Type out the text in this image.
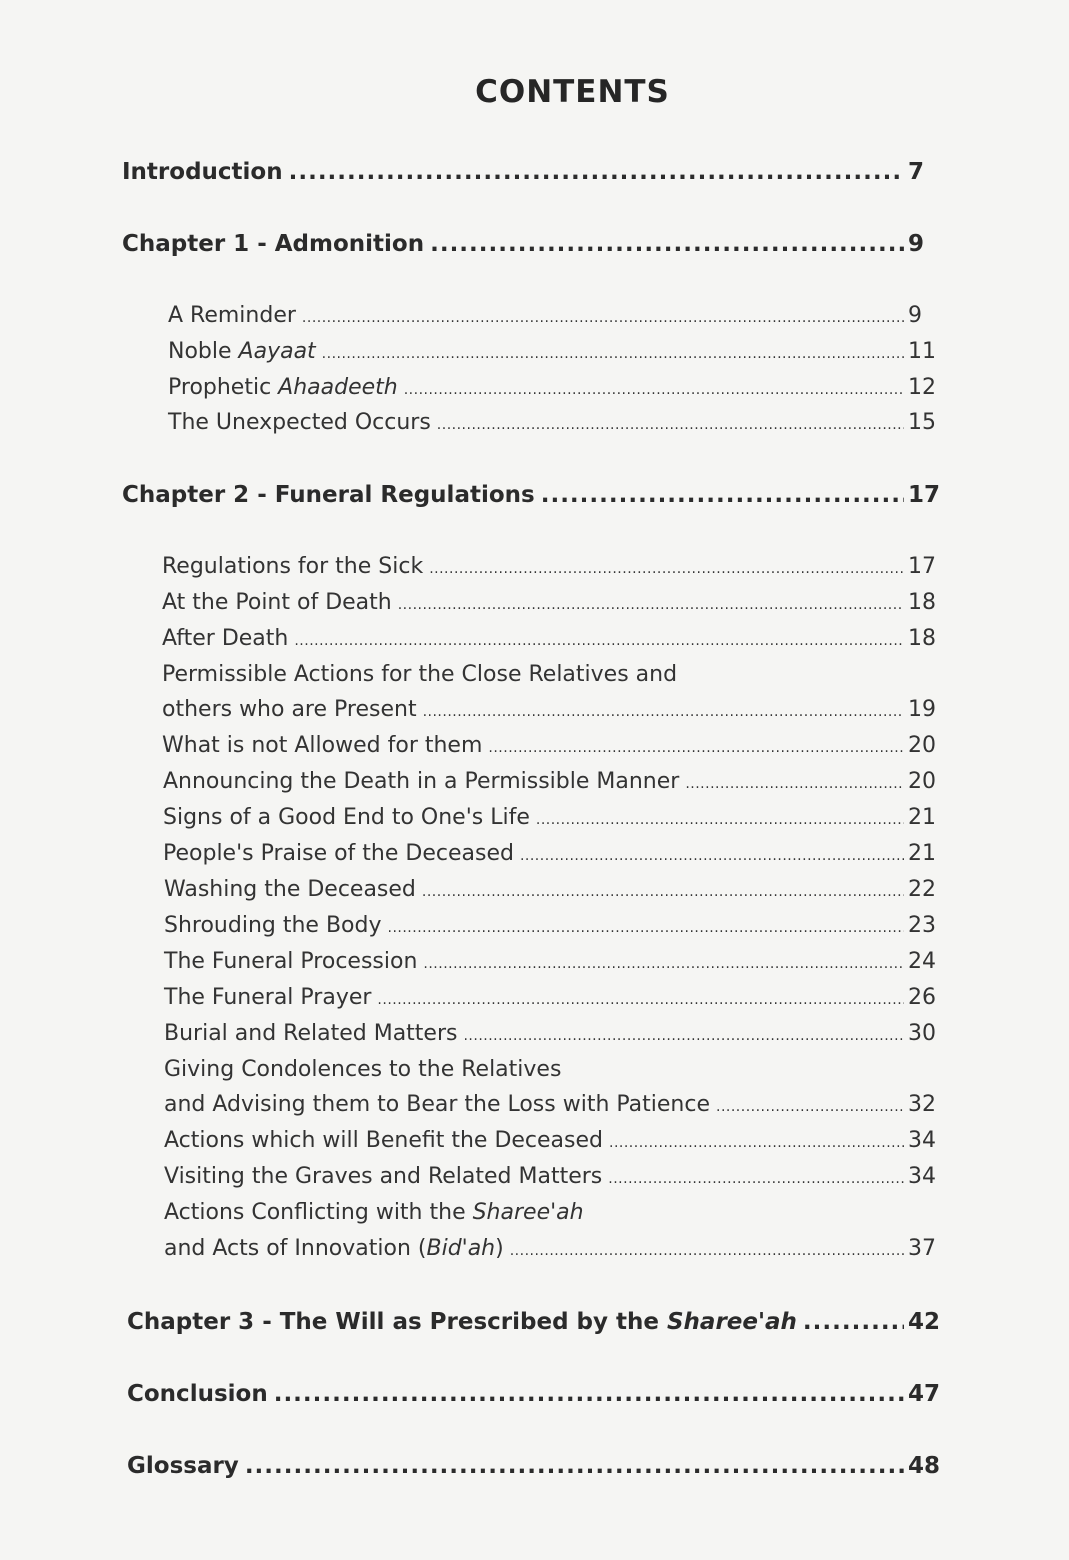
CONTENTS
Introduction .....	7
Chapter 1 - Admonition .....	9
A Reminder .....	9
Noble Aayaat .....	11
Prophetic Ahaadeeth .....	12
The Unexpected Occurs .....	15
Chapter 2 - Funeral Regulations .....	17
Regulations for the Sick .....	17
At the Point of Death .....	18
After Death .....	18
Permissible Actions for the Close Relatives and
others who are Present .....	19
What is not Allowed for them .....	20
Announcing the Death in a Permissible Manner .....	20
Signs of a Good End to One's Life .....	21
People's Praise of the Deceased .....	21
Washing the Deceased .....	22
Shrouding the Body .....	23
The Funeral Procession .....	24
The Funeral Prayer .....	26
Burial and Related Matters .....	30
Giving Condolences to the Relatives
and Advising them to Bear the Loss with Patience .....	32
Actions which will Benefit the Deceased .....	34
Visiting the Graves and Related Matters .....	34
Actions Conflicting with the Sharee'ah
and Acts of Innovation (Bid'ah) .....	37
Chapter 3 - The Will as Prescribed by the Sharee'ah .....	42
Conclusion .....	47
Glossary .....	48
